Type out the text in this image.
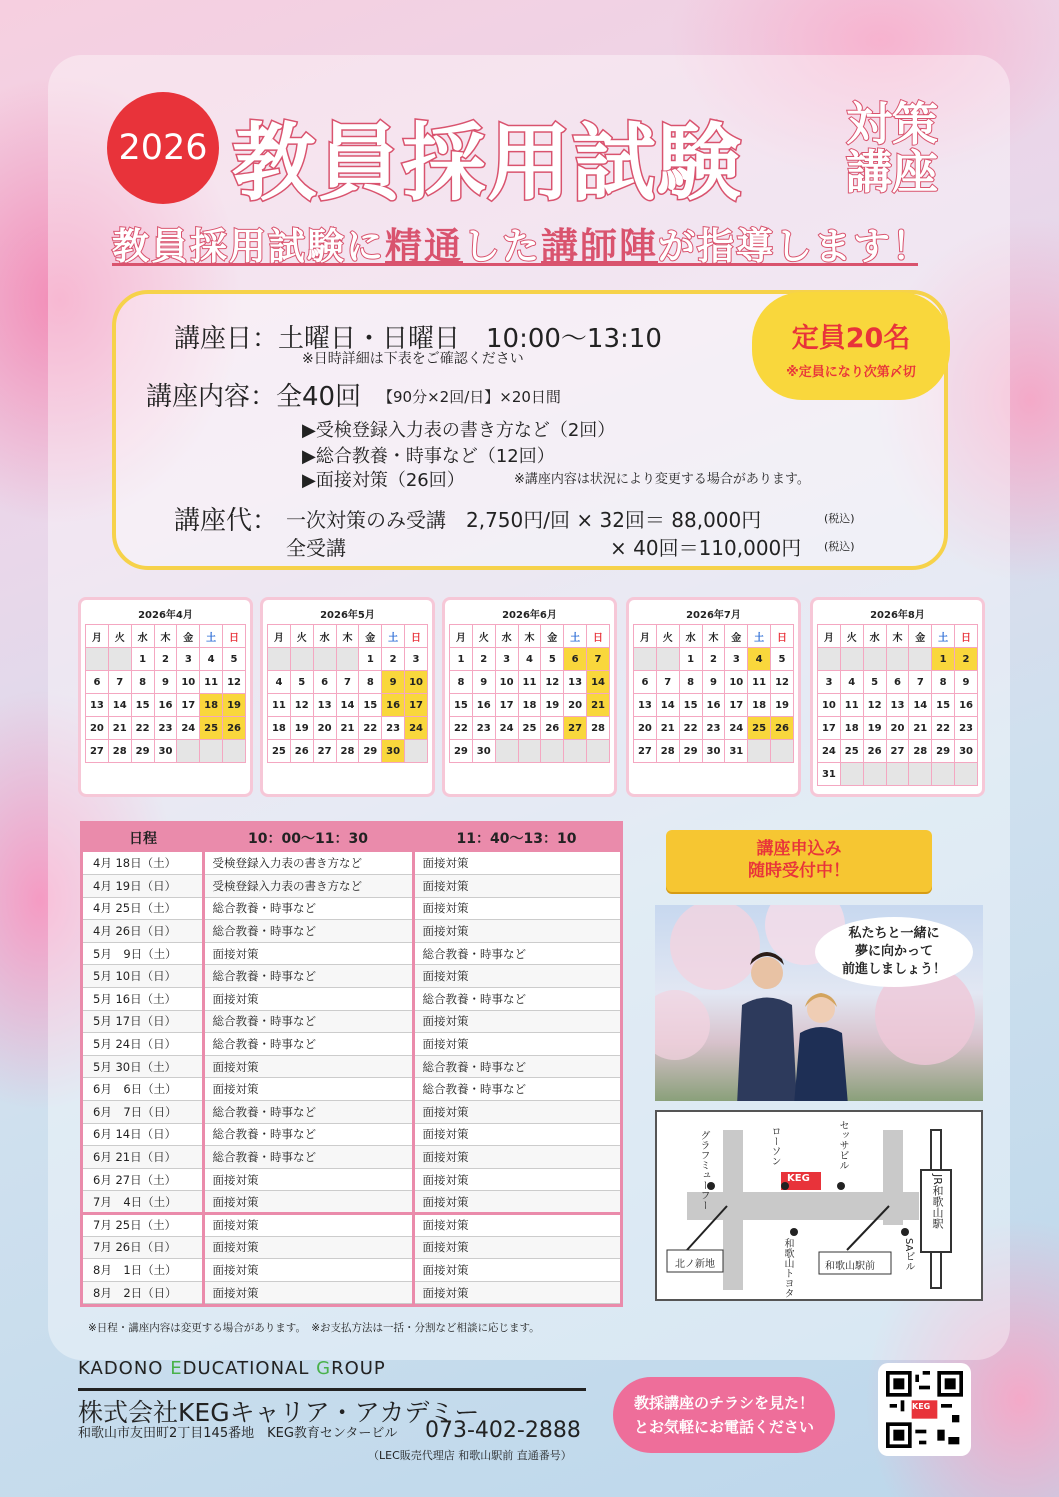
2026 教員採用試験 対策
講座
教員採用試験に精通した講師陣が指導します！
講座日：土曜日・日曜日　10:00～13:10
※日時詳細は下表をご確認ください
講座内容：全40回 【90分×2回/日】×20日間
▶受検登録入力表の書き方など（2回）
▶総合教養・時事など（12回）
▶面接対策（26回）	※講座内容は状況により変更する場合があります。
講座代： 一次対策のみ受講　2,750円/回 × 32回＝ 88,000円	(税込)
全受講	× 40回＝110,000円 (税込)
定員20名
※定員になり次第〆切
2026年4月
月	火	水	木	金	土	日
		1	2	3	4	5
6	7	8	9	10	11	12
13	14	15	16	17	18	19
20	21	22	23	24	25	26
27	28	29	30			
2026年5月
月	火	水	木	金	土	日
				1	2	3
4	5	6	7	8	9	10
11	12	13	14	15	16	17
18	19	20	21	22	23	24
25	26	27	28	29	30	
2026年6月
月	火	水	木	金	土	日
1	2	3	4	5	6	7
8	9	10	11	12	13	14
15	16	17	18	19	20	21
22	23	24	25	26	27	28
29	30					
2026年7月
月	火	水	木	金	土	日
		1	2	3	4	5
6	7	8	9	10	11	12
13	14	15	16	17	18	19
20	21	22	23	24	25	26
27	28	29	30	31		
2026年8月
月	火	水	木	金	土	日
					1	2
3	4	5	6	7	8	9
10	11	12	13	14	15	16
17	18	19	20	21	22	23
24	25	26	27	28	29	30
31						
日程	10：00～11：30	11：40～13：10
4月 18日（土）	受検登録入力表の書き方など	面接対策
4月 19日（日）	受検登録入力表の書き方など	面接対策
4月 25日（土）	総合教養・時事など	面接対策
4月 26日（日）	総合教養・時事など	面接対策
5月　9日（土）	面接対策	総合教養・時事など
5月 10日（日）	総合教養・時事など	面接対策
5月 16日（土）	面接対策	総合教養・時事など
5月 17日（日）	総合教養・時事など	面接対策
5月 24日（日）	総合教養・時事など	面接対策
5月 30日（土）	面接対策	総合教養・時事など
6月　6日（土）	面接対策	総合教養・時事など
6月　7日（日）	総合教養・時事など	面接対策
6月 14日（日）	総合教養・時事など	面接対策
6月 21日（日）	総合教養・時事など	面接対策
6月 27日（土）	面接対策	面接対策
7月　4日（土）	面接対策	面接対策
7月 25日（土）	面接対策	面接対策
7月 26日（日）	面接対策	面接対策
8月　1日（土）	面接対策	面接対策
8月　2日（日）	面接対策	面接対策
※日程・講座内容は変更する場合があります。　※お支払方法は一括・分割など相談に応じます。
講座申込み
随時受付中！
私たちと一緒に
夢に向かって
前進しましょう！
KEG
北ノ新地	和歌山駅前
グラフミューフー	ローソン	セッサビル
JR和歌山駅
和歌山トヨタ	SAビル
KADONO EDUCATIONAL GROUP
株式会社KEGキャリア・アカデミー
和歌山市友田町2丁目145番地　KEG教育センタービル 073-402-2888
（LEC販売代理店 和歌山駅前 直通番号）
教採講座のチラシを見た！
とお気軽にお電話ください
KEG
